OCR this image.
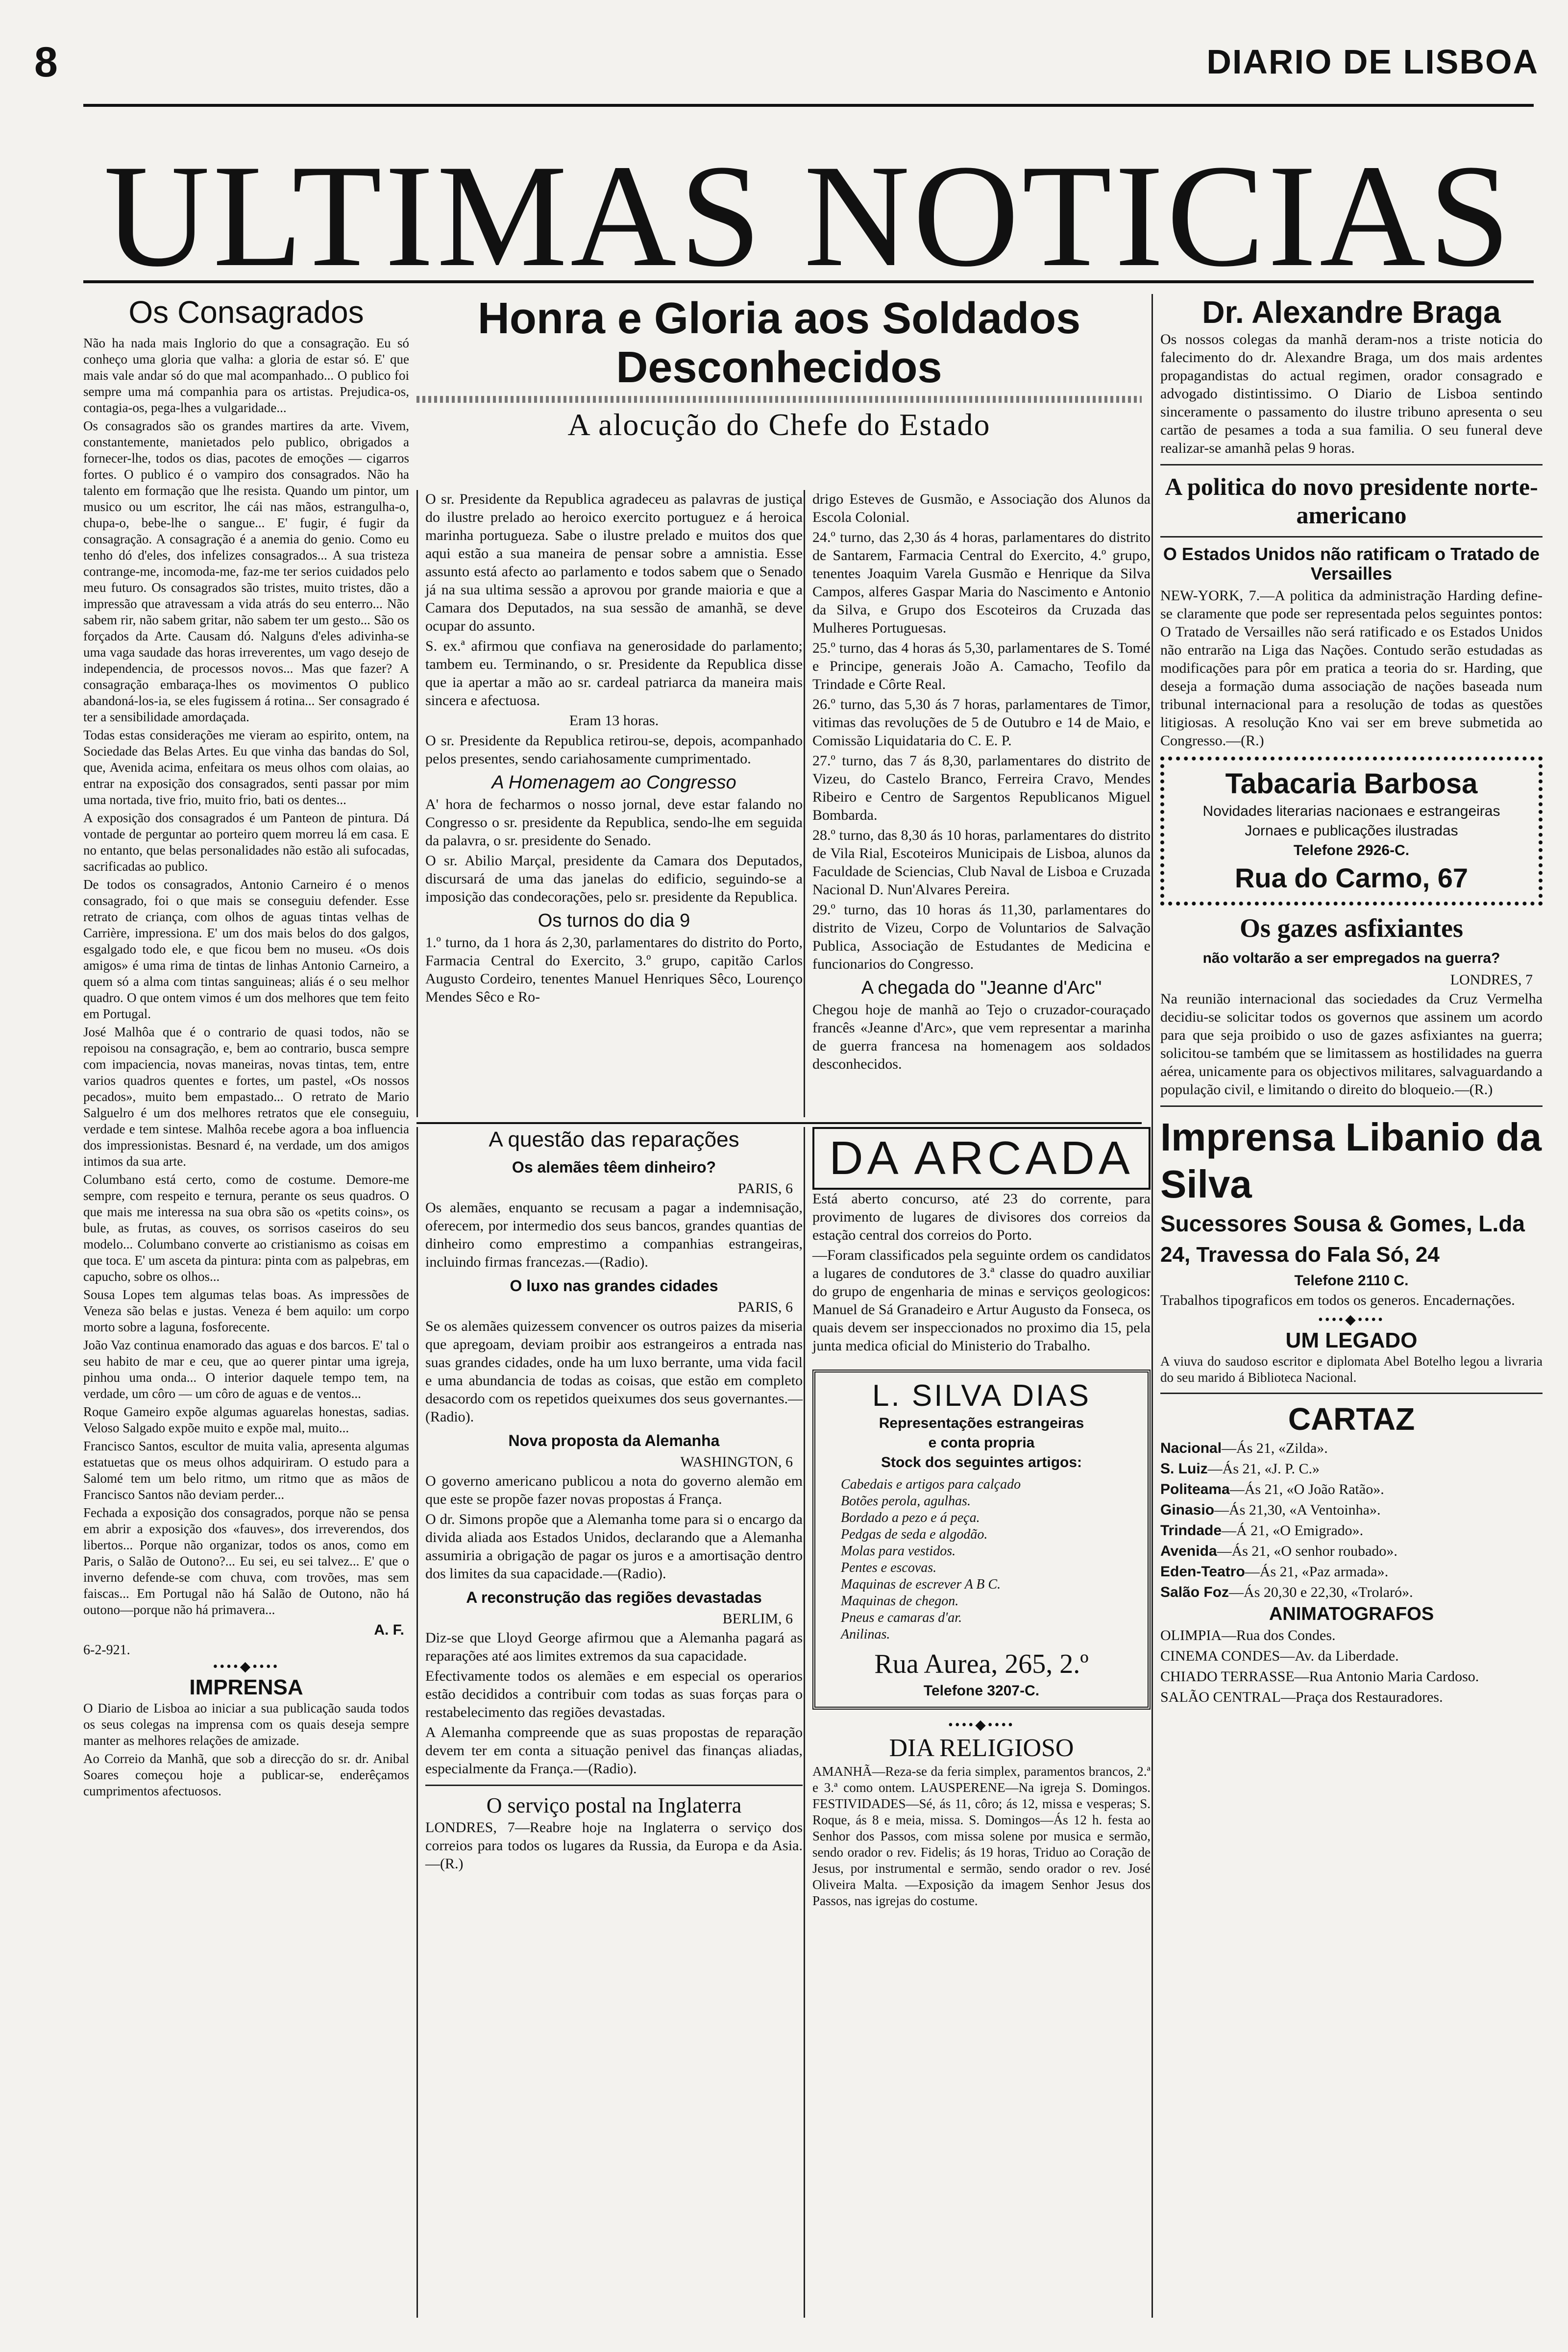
8	DIARIO DE LISBOA
ULTIMAS NOTICIAS
Os Consagrados

Não ha nada mais Inglorio do que a consagração. Eu só conheço uma gloria que valha: a gloria de estar só. E' que mais vale andar só do que mal acompanhado... O publico foi sempre uma má companhia para os artistas. Prejudica-os, contagia-os, pega-lhes a vulgaridade...

Os consagrados são os grandes martires da arte. Vivem, constantemente, manietados pelo publico, obrigados a fornecer-lhe, todos os dias, pacotes de emoções — cigarros fortes. O publico é o vampiro dos consagrados. Não ha talento em formação que lhe resista. Quando um pintor, um musico ou um escritor, lhe cái nas mãos, estrangulha-o, chupa-o, bebe-lhe o sangue... E' fugir, é fugir da consagração. A consagração é a anemia do genio. Como eu tenho dó d'eles, dos infelizes consagrados... A sua tristeza contrange-me, incomoda-me, faz-me ter serios cuidados pelo meu futuro. Os consagrados são tristes, muito tristes, dão a impressão que atravessam a vida atrás do seu enterro... Não sabem rir, não sabem gritar, não sabem ter um gesto... São os forçados da Arte. Causam dó. Nalguns d'eles adivinha-se uma vaga saudade das horas irreverentes, um vago desejo de independencia, de processos novos... Mas que fazer? A consagração embaraça-lhes os movimentos O publico abandoná-los-ia, se eles fugissem á rotina... Ser consagrado é ter a sensibilidade amordaçada.

Todas estas considerações me vieram ao espirito, ontem, na Sociedade das Belas Artes. Eu que vinha das bandas do Sol, que, Avenida acima, enfeitara os meus olhos com olaias, ao entrar na exposição dos consagrados, senti passar por mim uma nortada, tive frio, muito frio, bati os dentes...

A exposição dos consagrados é um Panteon de pintura. Dá vontade de perguntar ao porteiro quem morreu lá em casa. E no entanto, que belas personalidades não estão ali sufocadas, sacrificadas ao publico.

De todos os consagrados, Antonio Carneiro é o menos consagrado, foi o que mais se conseguiu defender. Esse retrato de criança, com olhos de aguas tintas velhas de Carrière, impressiona. E' um dos mais belos do dos galgos, esgalgado todo ele, e que ficou bem no museu. «Os dois amigos» é uma rima de tintas de linhas Antonio Carneiro, a quem só a alma com tintas sanguineas; aliás é o seu melhor quadro. O que ontem vimos é um dos melhores que tem feito em Portugal.

José Malhôa que é o contrario de quasi todos, não se repoisou na consagração, e, bem ao contrario, busca sempre com impaciencia, novas maneiras, novas tintas, tem, entre varios quadros quentes e fortes, um pastel, «Os nossos pecados», muito bem empastado... O retrato de Mario Salguelro é um dos melhores retratos que ele conseguiu, verdade e tem sintese. Malhôa recebe agora a boa influencia dos impressionistas. Besnard é, na verdade, um dos amigos intimos da sua arte.

Columbano está certo, como de costume. Demore-me sempre, com respeito e ternura, perante os seus quadros. O que mais me interessa na sua obra são os «petits coins», os bule, as frutas, as couves, os sorrisos caseiros do seu modelo... Columbano converte ao cristianismo as coisas em que toca. E' um asceta da pintura: pinta com as palpebras, em capucho, sobre os olhos...

Sousa Lopes tem algumas telas boas. As impressões de Veneza são belas e justas. Veneza é bem aquilo: um corpo morto sobre a laguna, fosforecente.

João Vaz continua enamorado das aguas e dos barcos. E' tal o seu habito de mar e ceu, que ao querer pintar uma igreja, pinhou uma onda... O interior daquele tempo tem, na verdade, um côro — um côro de aguas e de ventos...

Roque Gameiro expõe algumas aguarelas honestas, sadias. Veloso Salgado expõe muito e expõe mal, muito...

Francisco Santos, escultor de muita valia, apresenta algumas estatuetas que os meus olhos adquiriram. O estudo para a Salomé tem um belo ritmo, um ritmo que as mãos de Francisco Santos não deviam perder...

Fechada a exposição dos consagrados, porque não se pensa em abrir a exposição dos «fauves», dos irreverendos, dos libertos... Porque não organizar, todos os anos, como em Paris, o Salão de Outono?... Eu sei, eu sei talvez... E' que o inverno defende-se com chuva, com trovões, mas sem faiscas... Em Portugal não há Salão de Outono, não há outono—porque não há primavera...

A. F.
6-2-921.
••••◆••••
IMPRENSA

O Diario de Lisboa ao iniciar a sua publicação sauda todos os seus colegas na imprensa com os quais deseja sempre manter as melhores relações de amizade.

Ao Correio da Manhã, que sob a direcção do sr. dr. Anibal Soares começou hoje a publicar-se, enderêçamos cumprimentos afectuosos.

Honra e Gloria aos Soldados
Desconhecidos
A alocução do Chefe do Estado

O sr. Presidente da Republica agradeceu as palavras de justiça do ilustre prelado ao heroico exercito portuguez e á heroica marinha portugueza. Sabe o ilustre prelado e muitos dos que aqui estão a sua maneira de pensar sobre a amnistia. Esse assunto está afecto ao parlamento e todos sabem que o Senado já na sua ultima sessão a aprovou por grande maioria e que a Camara dos Deputados, na sua sessão de amanhã, se deve ocupar do assunto.

S. ex.ª afirmou que confiava na generosidade do parlamento; tambem eu. Terminando, o sr. Presidente da Republica disse que ia apertar a mão ao sr. cardeal patriarca da maneira mais sincera e afectuosa.

Eram 13 horas.

O sr. Presidente da Republica retirou-se, depois, acompanhado pelos presentes, sendo cariahosamente cumprimentado.

A Homenagem ao Congresso

A' hora de fecharmos o nosso jornal, deve estar falando no Congresso o sr. presidente da Republica, sendo-lhe em seguida da palavra, o sr. presidente do Senado.

O sr. Abilio Marçal, presidente da Camara dos Deputados, discursará de uma das janelas do edificio, seguindo-se a imposição das condecorações, pelo sr. presidente da Republica.

Os turnos do dia 9

1.º turno, da 1 hora ás 2,30, parlamentares do distrito do Porto, Farmacia Central do Exercito, 3.º grupo, capitão Carlos Augusto Cordeiro, tenentes Manuel Henriques Sêco, Lourenço Mendes Sêco e Ro-

drigo Esteves de Gusmão, e Associação dos Alunos da Escola Colonial.

24.º turno, das 2,30 ás 4 horas, parlamentares do distrito de Santarem, Farmacia Central do Exercito, 4.º grupo, tenentes Joaquim Varela Gusmão e Henrique da Silva Campos, alferes Gaspar Maria do Nascimento e Antonio da Silva, e Grupo dos Escoteiros da Cruzada das Mulheres Portuguesas.

25.º turno, das 4 horas ás 5,30, parlamentares de S. Tomé e Principe, generais João A. Camacho, Teofilo da Trindade e Côrte Real.

26.º turno, das 5,30 ás 7 horas, parlamentares de Timor, vitimas das revoluções de 5 de Outubro e 14 de Maio, e Comissão Liquidataria do C. E. P.

27.º turno, das 7 ás 8,30, parlamentares do distrito de Vizeu, do Castelo Branco, Ferreira Cravo, Mendes Ribeiro e Centro de Sargentos Republicanos Miguel Bombarda.

28.º turno, das 8,30 ás 10 horas, parlamentares do distrito de Vila Rial, Escoteiros Municipais de Lisboa, alunos da Faculdade de Sciencias, Club Naval de Lisboa e Cruzada Nacional D. Nun'Alvares Pereira.

29.º turno, das 10 horas ás 11,30, parlamentares do distrito de Vizeu, Corpo de Voluntarios de Salvação Publica, Associação de Estudantes de Medicina e funcionarios do Congresso.

A chegada do "Jeanne d'Arc"

Chegou hoje de manhã ao Tejo o cruzador-couraçado francês «Jeanne d'Arc», que vem representar a marinha de guerra francesa na homenagem aos soldados desconhecidos.

A questão das reparações
Os alemães têem dinheiro?
PARIS, 6

Os alemães, enquanto se recusam a pagar a indemnisação, oferecem, por intermedio dos seus bancos, grandes quantias de dinheiro como emprestimo a companhias estrangeiras, incluindo firmas francezas.—(Radio).

O luxo nas grandes cidades
PARIS, 6

Se os alemães quizessem convencer os outros paizes da miseria que apregoam, deviam proibir aos estrangeiros a entrada nas suas grandes cidades, onde ha um luxo berrante, uma vida facil e uma abundancia de todas as coisas, que estão em completo desacordo com os repetidos queixumes dos seus governantes.—(Radio).

Nova proposta da Alemanha
WASHINGTON, 6

O governo americano publicou a nota do governo alemão em que este se propõe fazer novas propostas á França.

O dr. Simons propõe que a Alemanha tome para si o encargo da divida aliada aos Estados Unidos, declarando que a Alemanha assumiria a obrigação de pagar os juros e a amortisação dentro dos limites da sua capacidade.—(Radio).

A reconstrução das regiões devastadas
BERLIM, 6

Diz-se que Lloyd George afirmou que a Alemanha pagará as reparações até aos limites extremos da sua capacidade.

Efectivamente todos os alemães e em especial os operarios estão decididos a contribuir com todas as suas forças para o restabelecimento das regiões devastadas.

A Alemanha compreende que as suas propostas de reparação devem ter em conta a situação penivel das finanças aliadas, especialmente da França.—(Radio).

O serviço postal na Inglaterra

LONDRES, 7—Reabre hoje na Inglaterra o serviço dos correios para todos os lugares da Russia, da Europa e da Asia.—(R.)

DA ARCADA

Está aberto concurso, até 23 do corrente, para provimento de lugares de divisores dos correios da estação central dos correios do Porto.

—Foram classificados pela seguinte ordem os candidatos a lugares de condutores de 3.ª classe do quadro auxiliar do grupo de engenharia de minas e serviços geologicos: Manuel de Sá Granadeiro e Artur Augusto da Fonseca, os quais devem ser inspeccionados no proximo dia 15, pela junta medica oficial do Ministerio do Trabalho.

L. SILVA DIAS
Representações estrangeiras
e conta propria
Stock dos seguintes artigos:
Cabedais e artigos para calçado
Botões perola, agulhas.
Bordado a pezo e á peça.
Pedgas de seda e algodão.
Molas para vestidos.
Pentes e escovas.
Maquinas de escrever A B C.
Maquinas de chegon.
Pneus e camaras d'ar.
Anilinas.
Rua Aurea, 265, 2.º
Telefone 3207-C.
••••◆••••
DIA RELIGIOSO

AMANHÃ—Reza-se da feria simplex, paramentos brancos, 2.ª e 3.ª como ontem. LAUSPERENE—Na igreja S. Domingos. FESTIVIDADES—Sé, ás 11, côro; ás 12, missa e vesperas; S. Roque, ás 8 e meia, missa. S. Domingos—Ás 12 h. festa ao Senhor dos Passos, com missa solene por musica e sermão, sendo orador o rev. Fidelis; ás 19 horas, Triduo ao Coração de Jesus, por instrumental e sermão, sendo orador o rev. José Oliveira Malta. —Exposição da imagem Senhor Jesus dos Passos, nas igrejas do costume.

Dr. Alexandre Braga

Os nossos colegas da manhã deram-nos a triste noticia do falecimento do dr. Alexandre Braga, um dos mais ardentes propagandistas do actual regimen, orador consagrado e advogado distintissimo. O Diario de Lisboa sentindo sinceramente o passamento do ilustre tribuno apresenta o seu cartão de pesames a toda a sua familia. O seu funeral deve realizar-se amanhã pelas 9 horas.

A politica do novo presidente norte-americano
O Estados Unidos não ratificam o Tratado de Versailles

NEW-YORK, 7.—A politica da administração Harding define-se claramente que pode ser representada pelos seguintes pontos: O Tratado de Versailles não será ratificado e os Estados Unidos não entrarão na Liga das Nações. Contudo serão estudadas as modificações para pôr em pratica a teoria do sr. Harding, que deseja a formação duma associação de nações baseada num tribunal internacional para a resolução de todas as questões litigiosas. A resolução Kno vai ser em breve submetida ao Congresso.—(R.)

Tabacaria Barbosa
Novidades literarias nacionaes e estrangeiras
Jornaes e publicações ilustradas
Telefone 2926-C.
Rua do Carmo, 67
Os gazes asfixiantes
não voltarão a ser empregados na guerra?
LONDRES, 7

Na reunião internacional das sociedades da Cruz Vermelha decidiu-se solicitar todos os governos que assinem um acordo para que seja proibido o uso de gazes asfixiantes na guerra; solicitou-se também que se limitassem as hostilidades na guerra aérea, unicamente para os objectivos militares, salvaguardando a população civil, e limitando o direito do bloqueio.—(R.)

Imprensa Libanio da Silva
Sucessores Sousa & Gomes, L.da
24, Travessa do Fala Só, 24
Telefone 2110 C.

Trabalhos tipograficos em todos os generos. Encadernações.

••••◆••••
UM LEGADO

A viuva do saudoso escritor e diplomata Abel Botelho legou a livraria do seu marido á Biblioteca Nacional.

CARTAZ
Nacional—Ás 21, «Zilda».
S. Luiz—Ás 21, «J. P. C.»
Politeama—Ás 21, «O João Ratão».
Ginasio—Ás 21,30, «A Ventoinha».
Trindade—Á 21, «O Emigrado».
Avenida—Ás 21, «O senhor roubado».
Eden-Teatro—Ás 21, «Paz armada».
Salão Foz—Ás 20,30 e 22,30, «Trolaró».
ANIMATOGRAFOS
OLIMPIA—Rua dos Condes.
CINEMA CONDES—Av. da Liberdade.
CHIADO TERRASSE—Rua Antonio Maria Cardoso.
SALÃO CENTRAL—Praça dos Restauradores.
